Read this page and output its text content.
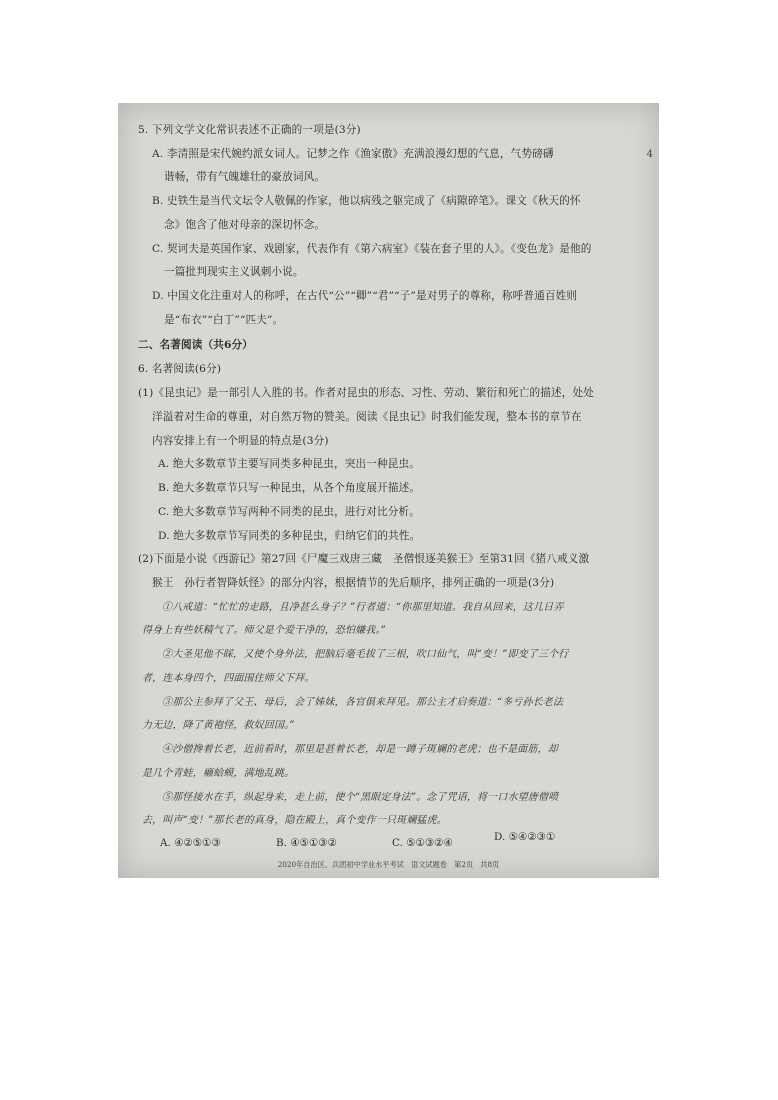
5. 下列文学文化常识表述不正确的一项是(3分)
4
A. 李清照是宋代婉约派女词人。记梦之作《渔家傲》充满浪漫幻想的气息，气势磅礴
谐畅，带有气魄雄壮的豪放词风。
B. 史铁生是当代文坛令人敬佩的作家，他以病残之躯完成了《病隙碎笔》。课文《秋天的怀
念》饱含了他对母亲的深切怀念。
C. 契诃夫是英国作家、戏剧家，代表作有《第六病室》《装在套子里的人》。《变色龙》是他的
一篇批判现实主义讽刺小说。
D. 中国文化注重对人的称呼，在古代“公”“卿”“君”“子”是对男子的尊称，称呼普通百姓则
是“布衣”“白丁”“匹夫”。
二、名著阅读（共6分）
6. 名著阅读(6分)
(1)《昆虫记》是一部引人入胜的书。作者对昆虫的形态、习性、劳动、繁衍和死亡的描述，处处
洋溢着对生命的尊重，对自然万物的赞美。阅读《昆虫记》时我们能发现，整本书的章节在
内容安排上有一个明显的特点是(3分)
A. 绝大多数章节主要写同类多种昆虫，突出一种昆虫。
B. 绝大多数章节只写一种昆虫，从各个角度展开描述。
C. 绝大多数章节写两种不同类的昆虫，进行对比分析。
D. 绝大多数章节写同类的多种昆虫，归纳它们的共性。
(2)下面是小说《西游记》第27回《尸魔三戏唐三藏　圣僧恨逐美猴王》至第31回《猪八戒义激
猴王　孙行者智降妖怪》的部分内容，根据情节的先后顺序，排列正确的一项是(3分)
①八戒道：“忙忙的走路，且净甚么身子？”行者道：“你那里知道。我自从回来，这几日弄
得身上有些妖精气了。师父是个爱干净的，恐怕嫌我。”
②大圣见他不睬，又使个身外法，把脑后毫毛拔了三根，吹口仙气，叫“变！”即变了三个行
者，连本身四个，四面围住师父下拜。
③那公主参拜了父王、母后，会了姊妹，各官俱来拜见。那公主才启奏道：“多亏孙长老法
力无边，降了黄袍怪，救奴回国。”
④沙僧搀着长老，近前看时，那里是甚着长老，却是一蹲子斑斓的老虎；也不是面筋，却
是几个青蛙，癞蛤蟆，满地乱跳。
⑤那怪接水在手，纵起身来，走上前，使个“黑眼定身法”。念了咒语，将一口水望唐僧喷
去，叫声“变！”那长老的真身，隐在殿上，真个变作一只斑斓猛虎。
A. ④②⑤①③	B. ④⑤①③②	C. ⑤①③②④	D. ⑤④②③①
2020年自治区、兵团初中学业水平考试　语文试题卷　第2页　共8页
